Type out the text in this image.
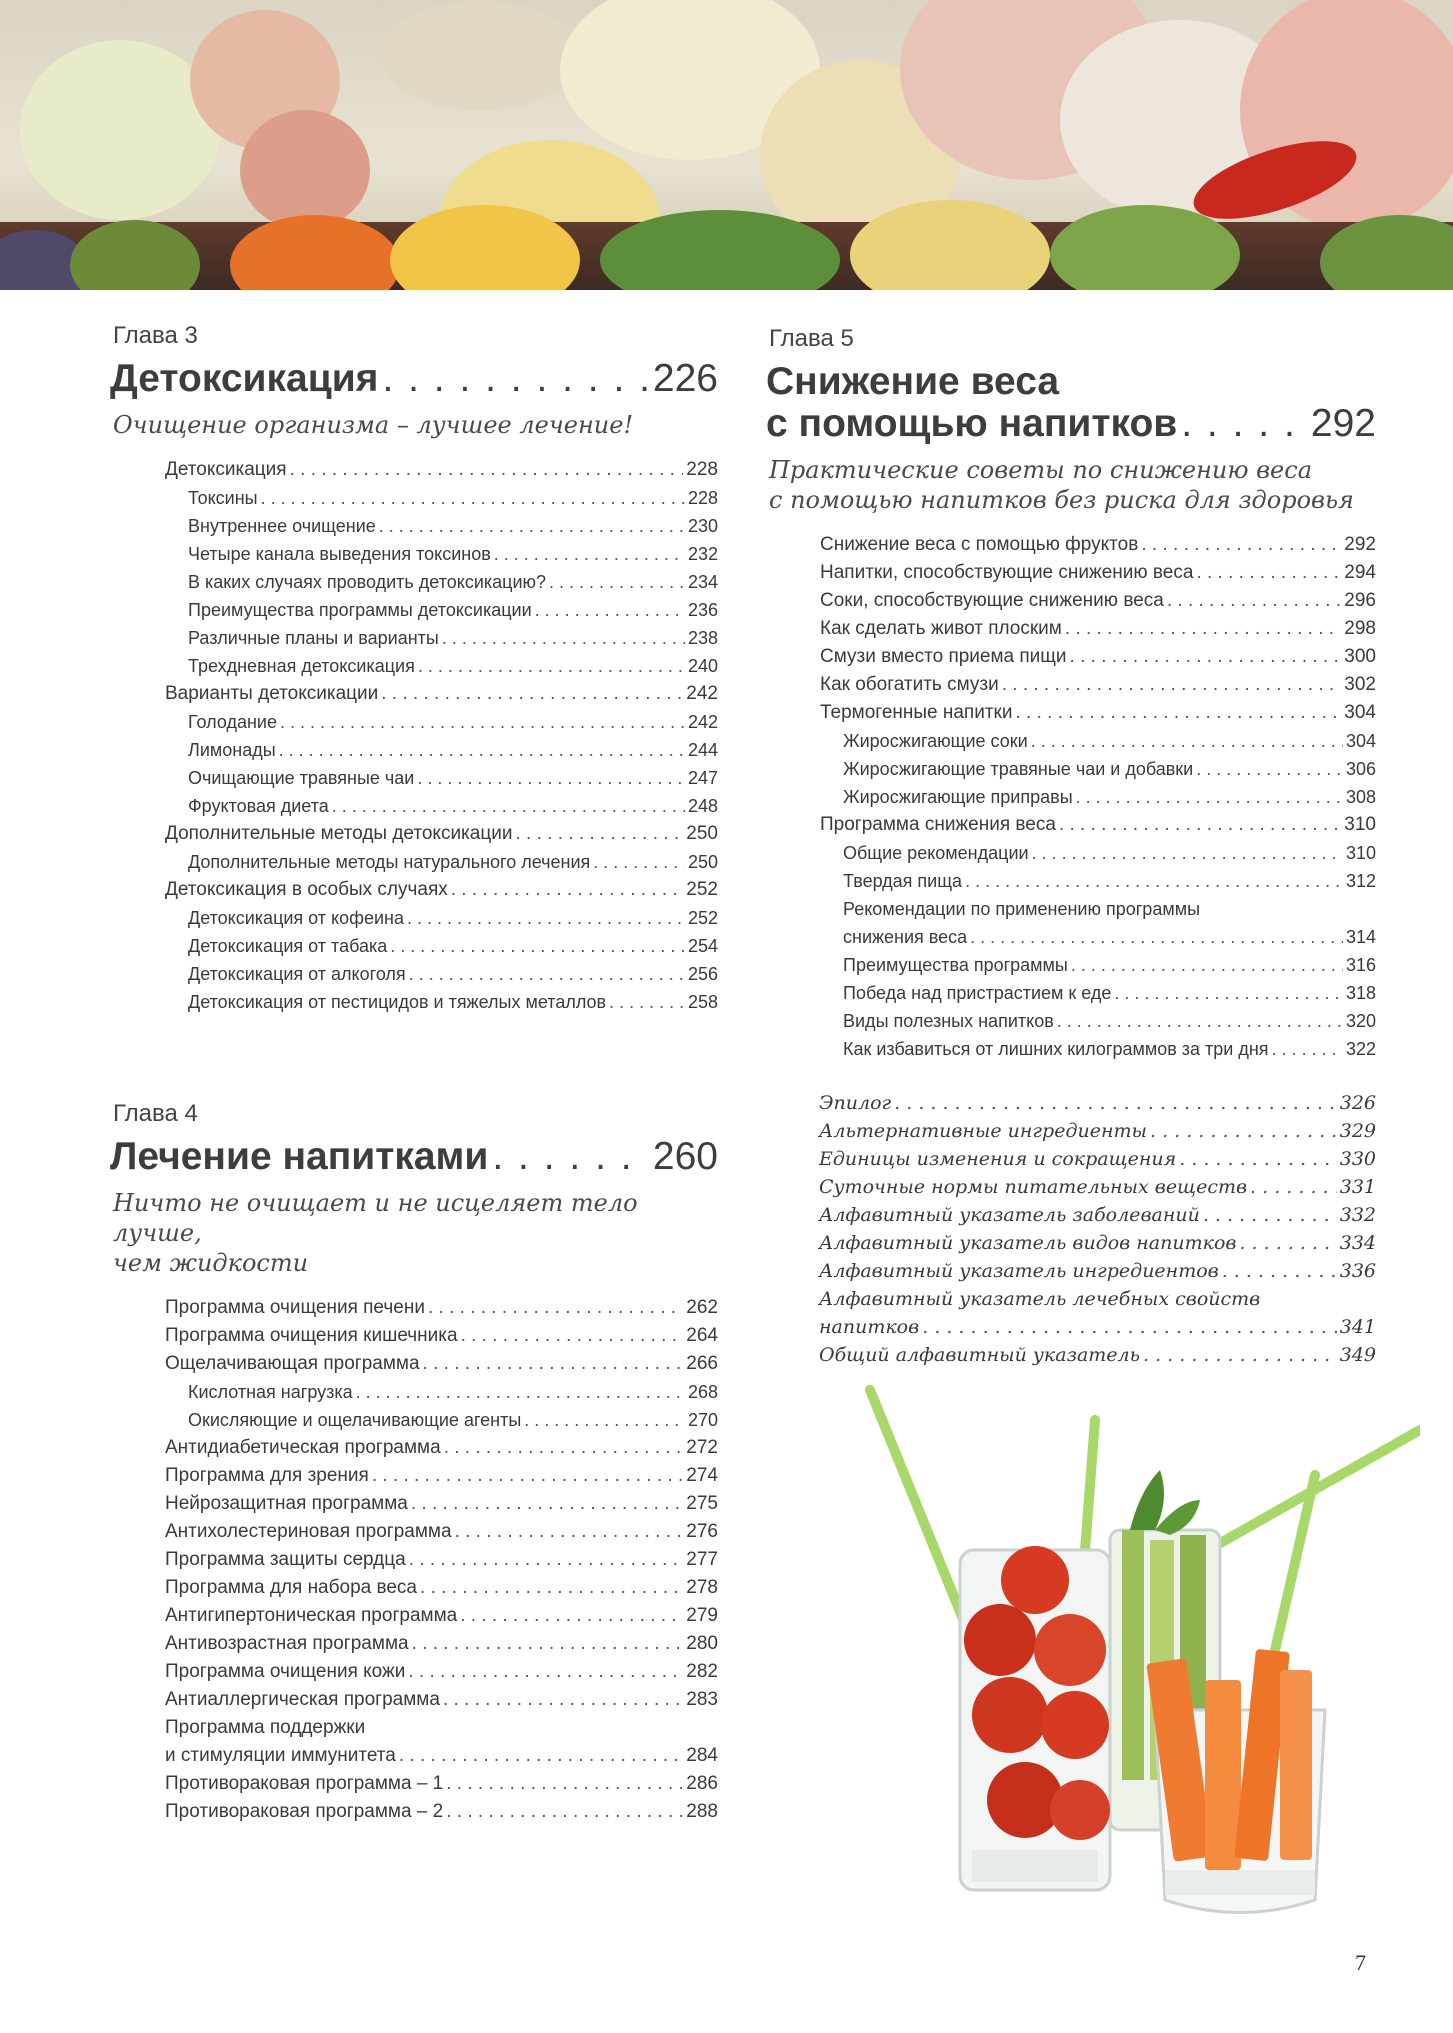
Глава 3
Детоксикация . . .	226
Очищение организма – лучшее лечение!
Детоксикация . . .	228
Токсины . . .	228
Внутреннее очищение . . .	230
Четыре канала выведения токсинов . . .	232
В каких случаях проводить детоксикацию? . . .	234
Преимущества программы детоксикации . . .	236
Различные планы и варианты . . .	238
Трехдневная детоксикация . . .	240
Варианты детоксикации . . .	242
Голодание . . .	242
Лимонады . . .	244
Очищающие травяные чаи . . .	247
Фруктовая диета . . .	248
Дополнительные методы детоксикации . . .	250
Дополнительные методы натурального лечения . . .	250
Детоксикация в особых случаях . . .	252
Детоксикация от кофеина . . .	252
Детоксикация от табака . . .	254
Детоксикация от алкоголя . . .	256
Детоксикация от пестицидов и тяжелых металлов . . .	258
Глава 4
Лечение напитками . . .	260
Ничто не очищает и не исцеляет тело лучше,
чем жидкости
Программа очищения печени . . .	262
Программа очищения кишечника . . .	264
Ощелачивающая программа . . .	266
Кислотная нагрузка . . .	268
Окисляющие и ощелачивающие агенты . . .	270
Антидиабетическая программа . . .	272
Программа для зрения . . .	274
Нейрозащитная программа . . .	275
Антихолестериновая программа . . .	276
Программа защиты сердца . . .	277
Программа для набора веса . . .	278
Антигипертоническая программа . . .	279
Антивозрастная программа . . .	280
Программа очищения кожи . . .	282
Антиаллергическая программа . . .	283
Программа поддержки
и стимуляции иммунитета . . .	284
Противораковая программа – 1 . . .	286
Противораковая программа – 2 . . .	288
Глава 5
Снижение веса
с помощью напитков . . .	292
Практические советы по снижению веса
с помощью напитков без риска для здоровья
Снижение веса с помощью фруктов . . .	292
Напитки, способствующие снижению веса . . .	294
Соки, способствующие снижению веса . . .	296
Как сделать живот плоским . . .	298
Смузи вместо приема пищи . . .	300
Как обогатить смузи . . .	302
Термогенные напитки . . .	304
Жиросжигающие соки . . .	304
Жиросжигающие травяные чаи и добавки . . .	306
Жиросжигающие приправы . . .	308
Программа снижения веса . . .	310
Общие рекомендации . . .	310
Твердая пища . . .	312
Рекомендации по применению программы
снижения веса . . .	314
Преимущества программы . . .	316
Победа над пристрастием к еде . . .	318
Виды полезных напитков . . .	320
Как избавиться от лишних килограммов за три дня . . .	322
Эпилог . . .	326
Альтернативные ингредиенты . . .	329
Единицы изменения и сокращения . . .	330
Суточные нормы питательных веществ . . .	331
Алфавитный указатель заболеваний . . .	332
Алфавитный указатель видов напитков . . .	334
Алфавитный указатель ингредиентов . . .	336
Алфавитный указатель лечебных свойств
напитков . . .	341
Общий алфавитный указатель . . .	349
7
